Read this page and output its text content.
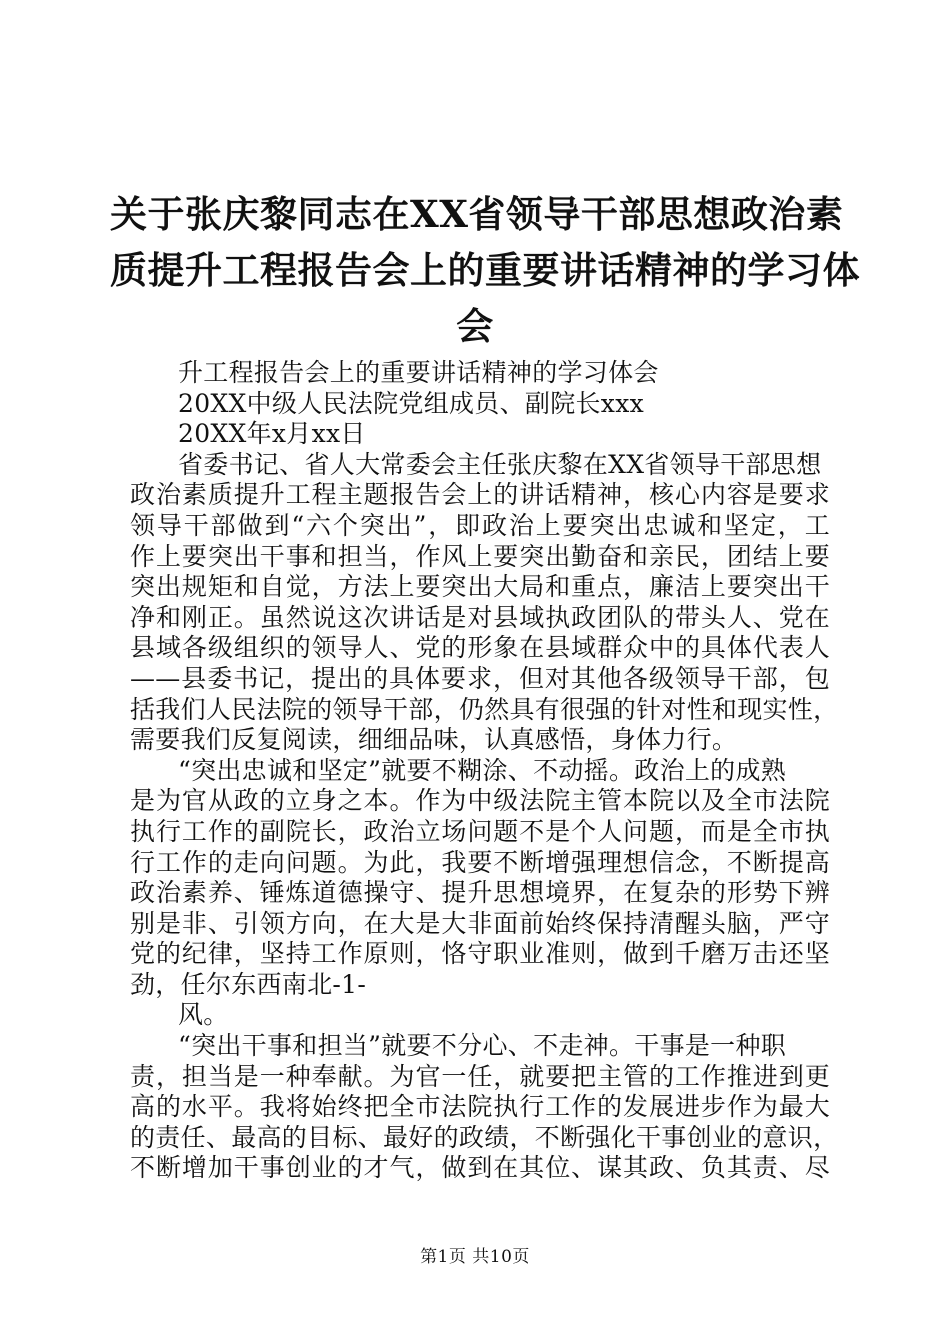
关于张庆黎同志在XX省领导干部思想政治素
质提升工程报告会上的重要讲话精神的学习体
会
升工程报告会上的重要讲话精神的学习体会
20XX中级人民法院党组成员、副院长xxx
20XX年x月xx日
省委书记、省人大常委会主任张庆黎在XX省领导干部思想
政治素质提升工程主题报告会上的讲话精神，核心内容是要求
领导干部做到“六个突出”，即政治上要突出忠诚和坚定，工
作上要突出干事和担当，作风上要突出勤奋和亲民，团结上要
突出规矩和自觉，方法上要突出大局和重点，廉洁上要突出干
净和刚正。虽然说这次讲话是对县域执政团队的带头人、党在
县域各级组织的领导人、党的形象在县域群众中的具体代表人
——县委书记，提出的具体要求，但对其他各级领导干部，包
括我们人民法院的领导干部，仍然具有很强的针对性和现实性，
需要我们反复阅读，细细品味，认真感悟，身体力行。
“突出忠诚和坚定”就要不糊涂、不动摇。政治上的成熟
是为官从政的立身之本。作为中级法院主管本院以及全市法院
执行工作的副院长，政治立场问题不是个人问题，而是全市执
行工作的走向问题。为此，我要不断增强理想信念，不断提高
政治素养、锤炼道德操守、提升思想境界，在复杂的形势下辨
别是非、引领方向，在大是大非面前始终保持清醒头脑，严守
党的纪律，坚持工作原则，恪守职业准则，做到千磨万击还坚
劲，任尔东西南北-1-
风。
“突出干事和担当”就要不分心、不走神。干事是一种职
责，担当是一种奉献。为官一任，就要把主管的工作推进到更
高的水平。我将始终把全市法院执行工作的发展进步作为最大
的责任、最高的目标、最好的政绩，不断强化干事创业的意识，
不断增加干事创业的才气，做到在其位、谋其政、负其责、尽
第1页 共10页
